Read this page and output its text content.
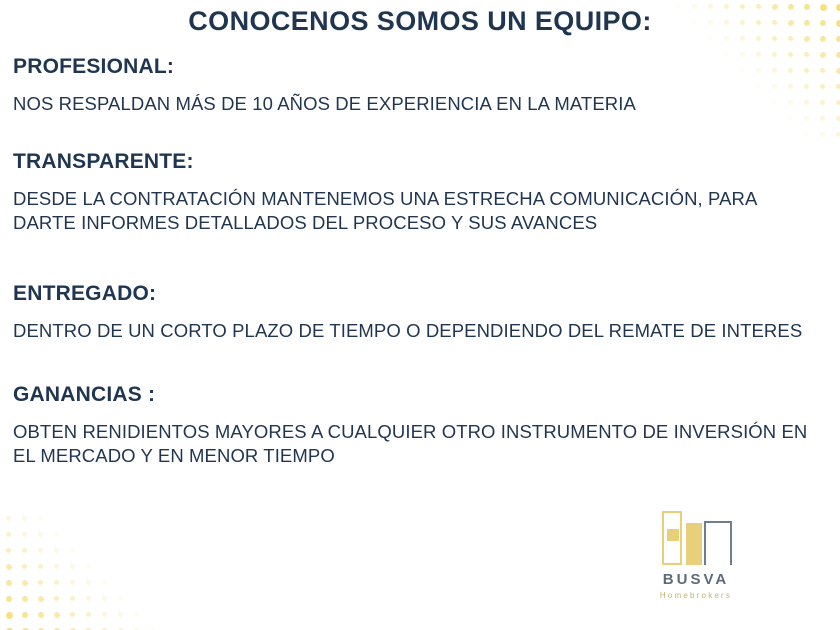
CONOCENOS SOMOS UN EQUIPO:

PROFESIONAL:

NOS RESPALDAN MÁS DE 10 AÑOS DE EXPERIENCIA EN LA MATERIA

TRANSPARENTE:

DESDE LA CONTRATACIÓN MANTENEMOS UNA ESTRECHA COMUNICACIÓN, PARA DARTE INFORMES DETALLADOS DEL PROCESO Y SUS AVANCES

ENTREGADO:

DENTRO DE UN CORTO PLAZO DE TIEMPO O DEPENDIENDO DEL REMATE DE INTERES

GANANCIAS :

OBTEN RENIDIENTOS MAYORES A CUALQUIER OTRO INSTRUMENTO DE INVERSIÓN EN EL MERCADO Y EN MENOR TIEMPO

BUSVA
Homebrokers
